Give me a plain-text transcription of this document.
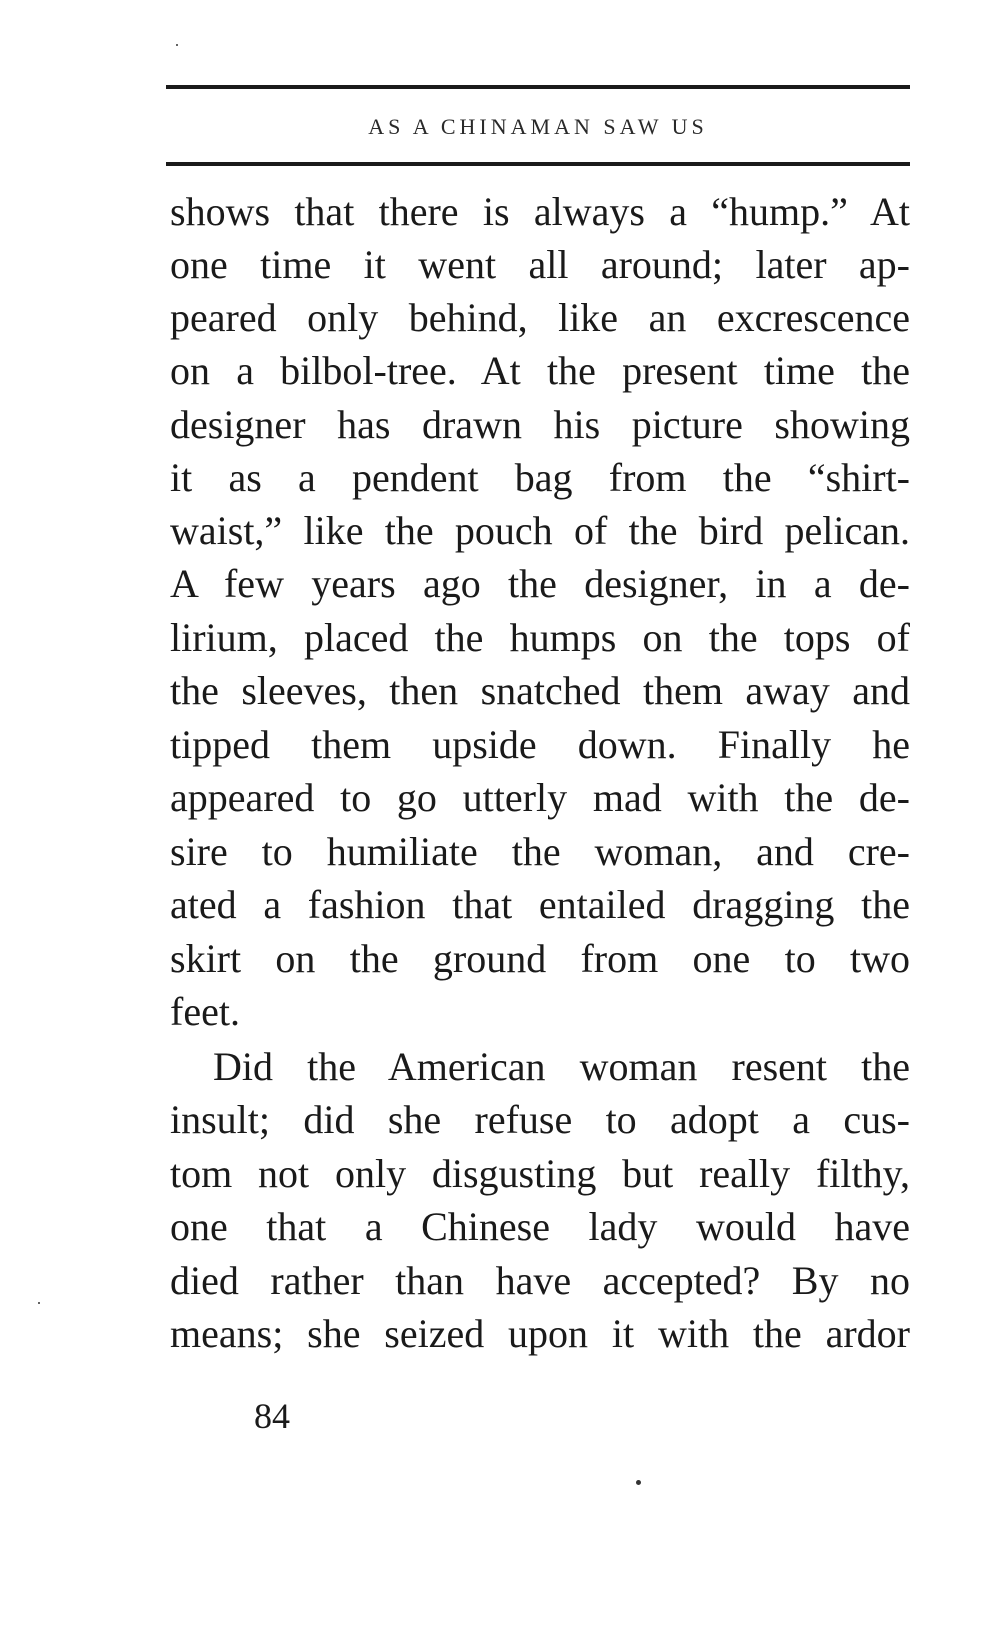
AS A CHINAMAN SAW US
shows that there is always a “hump.” At
one time it went all around; later ap-
peared only behind, like an excrescence
on a bilbol-tree. At the present time the
designer has drawn his picture showing
it as a pendent bag from the “shirt-
waist,” like the pouch of the bird pelican.
A few years ago the designer, in a de-
lirium, placed the humps on the tops of
the sleeves, then snatched them away and
tipped them upside down. Finally he
appeared to go utterly mad with the de-
sire to humiliate the woman, and cre-
ated a fashion that entailed dragging the
skirt on the ground from one to two
feet.
Did the American woman resent the
insult; did she refuse to adopt a cus-
tom not only disgusting but really filthy,
one that a Chinese lady would have
died rather than have accepted? By no
means; she seized upon it with the ardor
84
